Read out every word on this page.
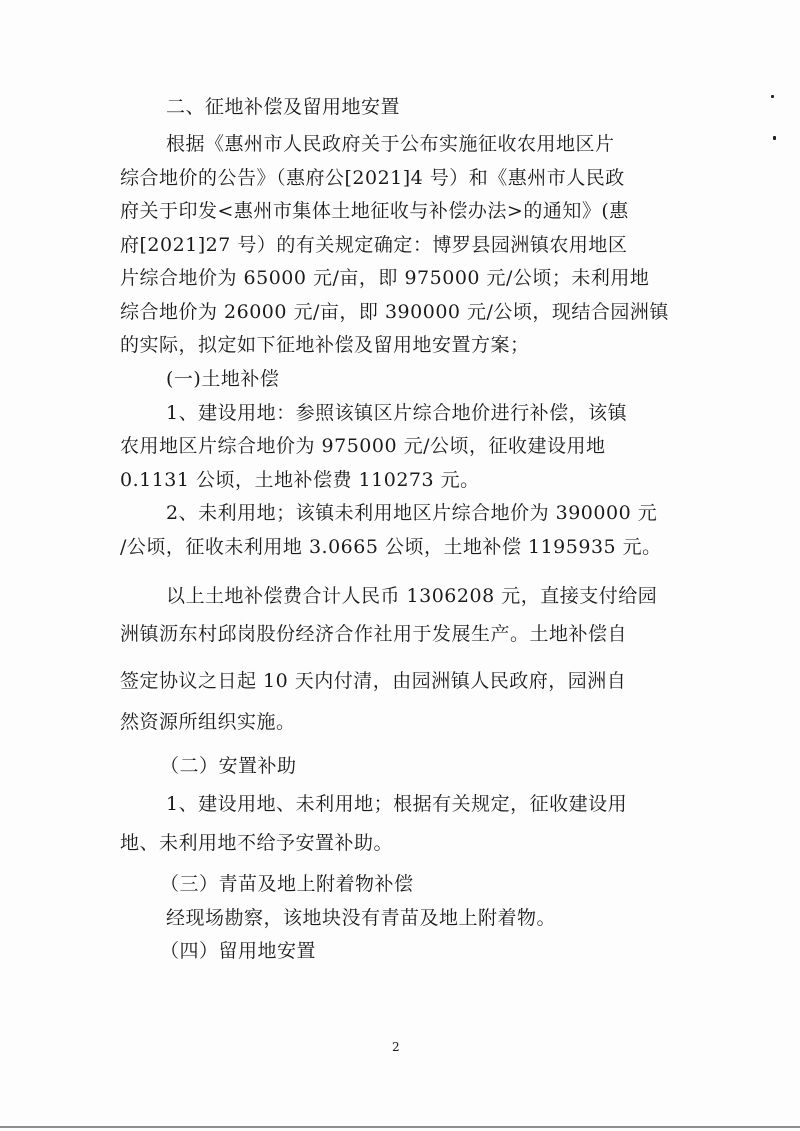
二、征地补偿及留用地安置
根据《惠州市人民政府关于公布实施征收农用地区片
综合地价的公告》（惠府公[2021]4 号）和《惠州市人民政
府关于印发<惠州市集体土地征收与补偿办法>的通知》(惠
府[2021]27 号）的有关规定确定：博罗县园洲镇农用地区
片综合地价为 65000 元/亩，即 975000 元/公顷；未利用地
综合地价为 26000 元/亩，即 390000 元/公顷，现结合园洲镇
的实际，拟定如下征地补偿及留用地安置方案；
(一)土地补偿
1、建设用地：参照该镇区片综合地价进行补偿，该镇
农用地区片综合地价为 975000 元/公顷，征收建设用地
0.1131 公顷，土地补偿费 110273 元。
2、未利用地；该镇未利用地区片综合地价为 390000 元
/公顷，征收未利用地 3.0665 公顷，土地补偿 1195935 元。
以上土地补偿费合计人民币 1306208 元，直接支付给园
洲镇沥东村邱岗股份经济合作社用于发展生产。土地补偿自
签定协议之日起 10 天内付清，由园洲镇人民政府，园洲自
然资源所组织实施。
（二）安置补助
1、建设用地、未利用地；根据有关规定，征收建设用
地、未利用地不给予安置补助。
（三）青苗及地上附着物补偿
经现场勘察，该地块没有青苗及地上附着物。
（四）留用地安置
2
